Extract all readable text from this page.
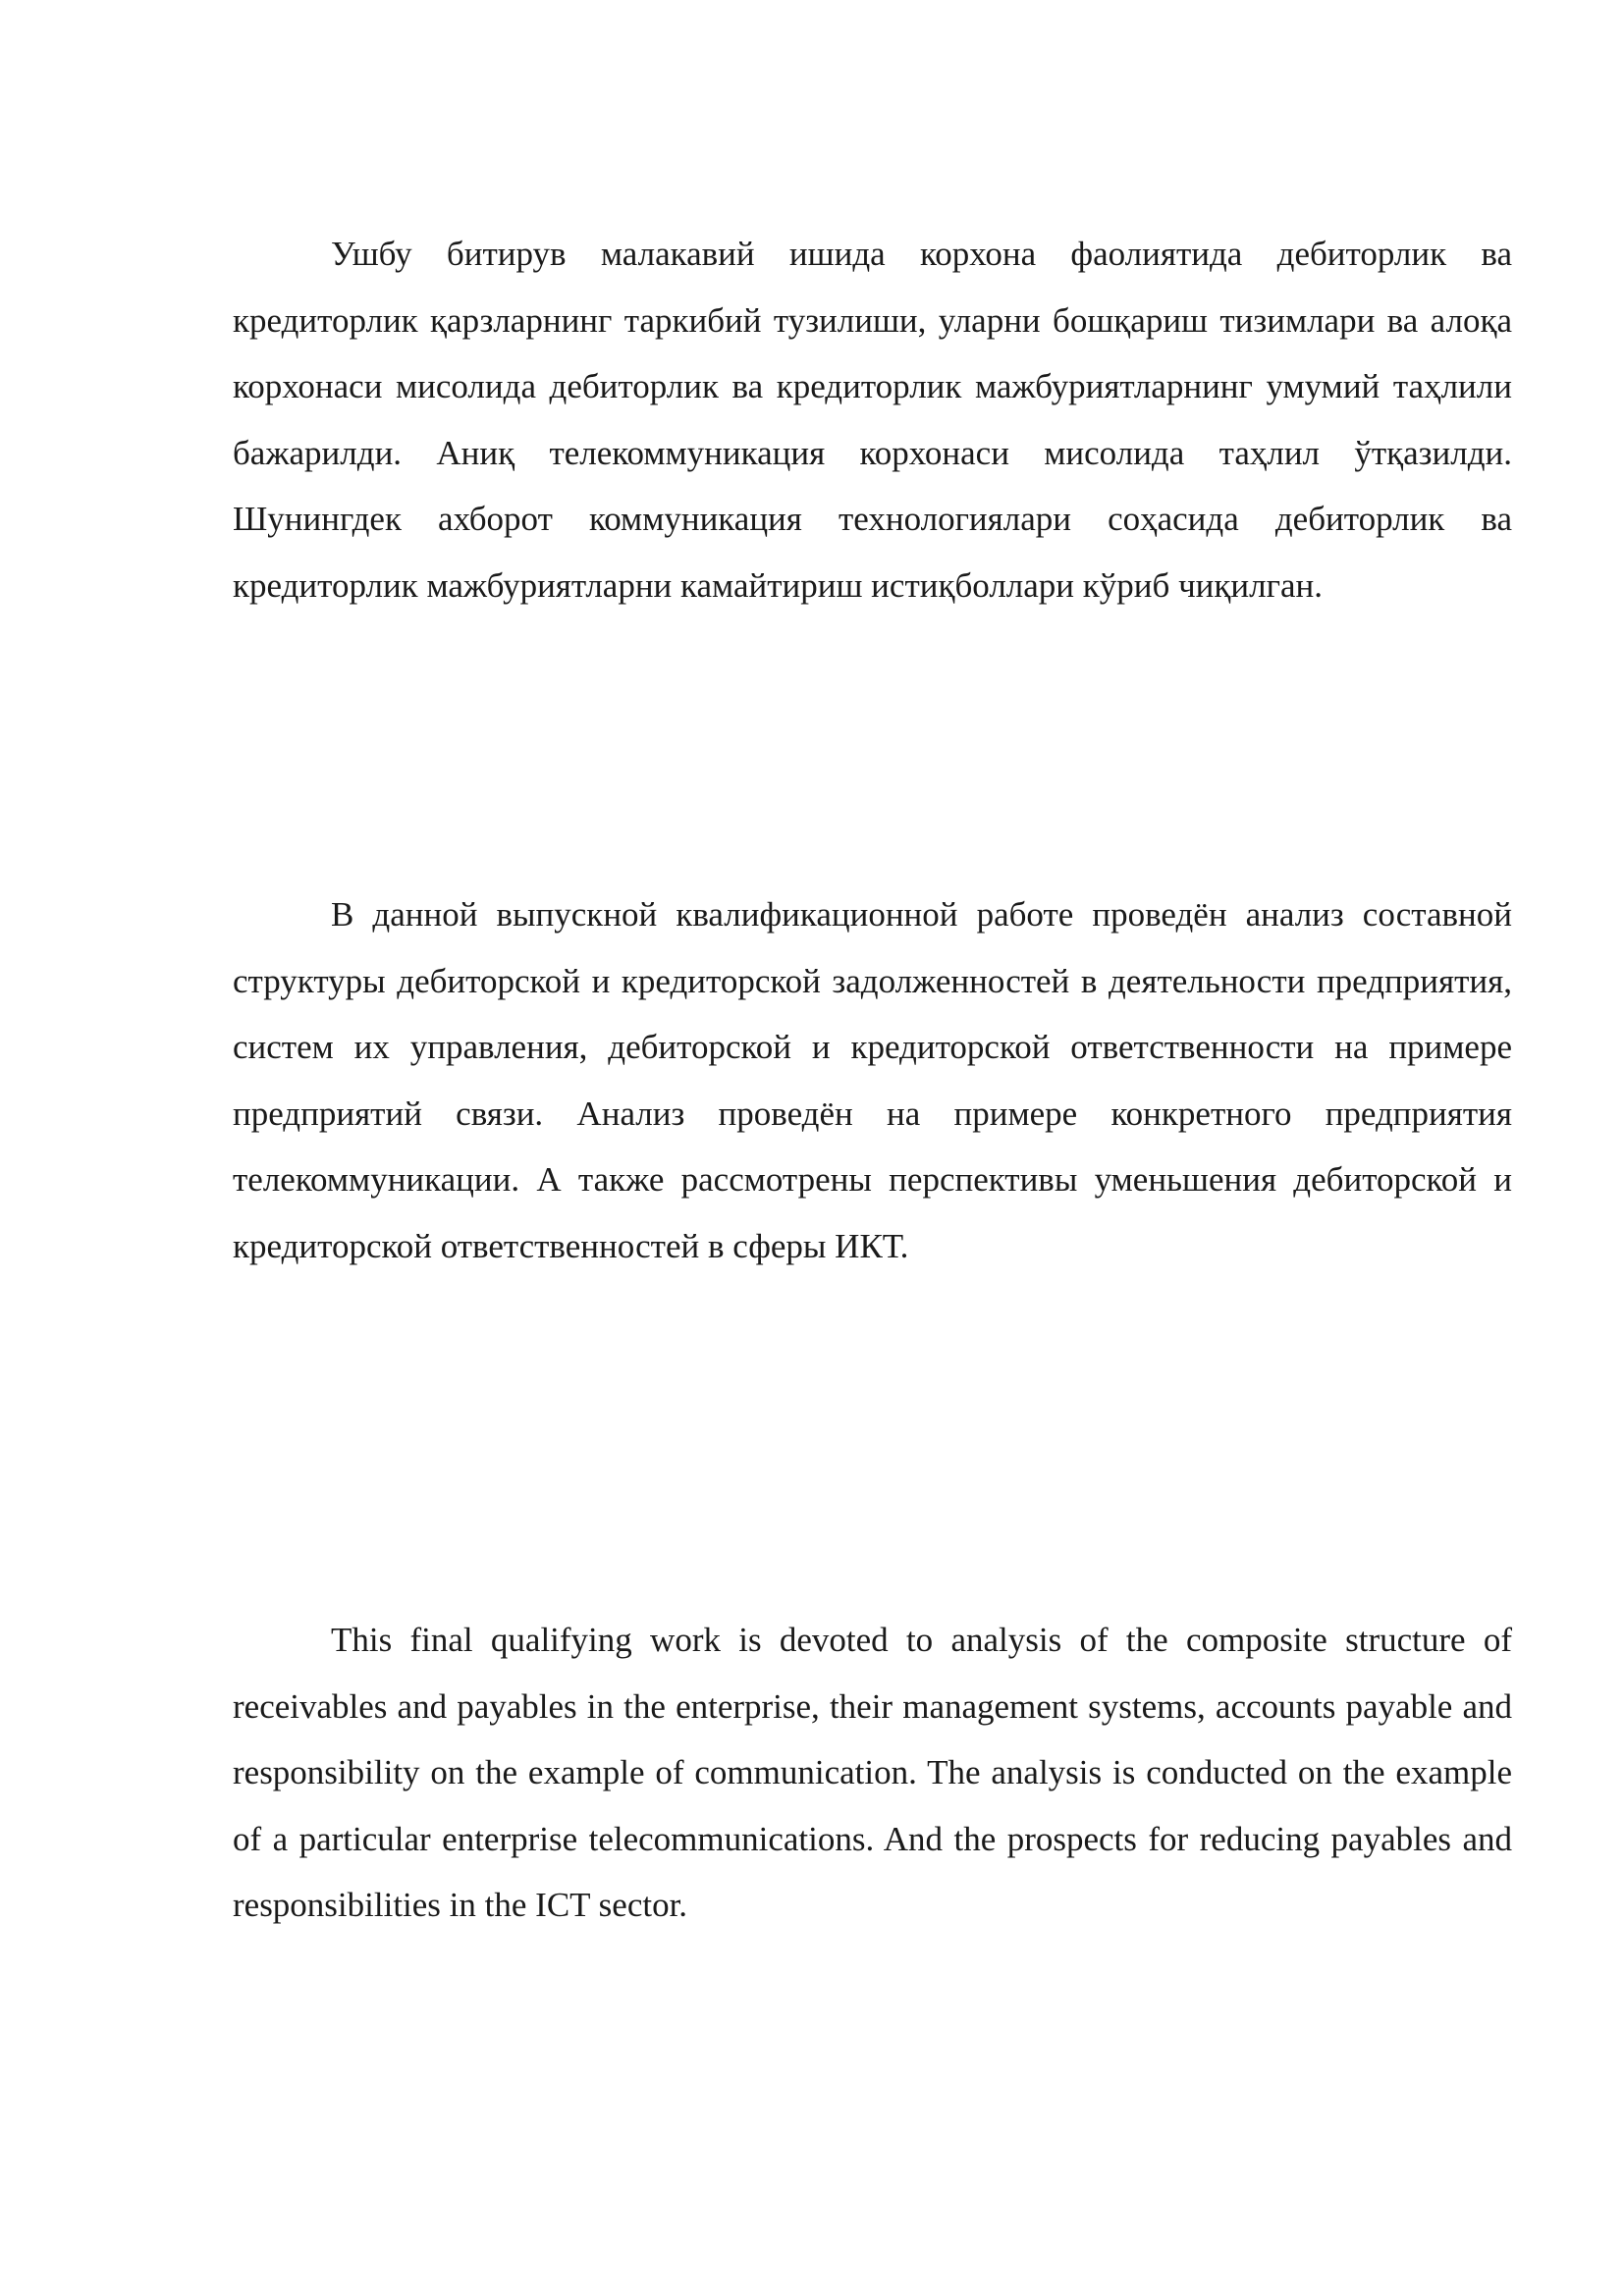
Ушбу битирув малакавий ишида корхона фаолиятида дебиторлик ва кредиторлик қарзларнинг таркибий тузилиши, уларни бошқариш тизимлари ва алоқа корхонаси мисолида дебиторлик ва кредиторлик мажбуриятларнинг умумий таҳлили бажарилди. Аниқ телекоммуникация корхонаси мисолида таҳлил ўтқазилди. Шунингдек ахборот коммуникация технологиялари соҳасида дебиторлик ва кредиторлик мажбуриятларни камайтириш истиқболлари кўриб чиқилган.

В данной выпускной квалификационной работе проведён анализ составной структуры дебиторской и кредиторской задолженностей в деятельности предприятия, систем их управления, дебиторской и кредиторской ответственности на примере предприятий связи. Анализ проведён на примере конкретного предприятия телекоммуникации. А также рассмотрены перспективы уменьшения дебиторской и кредиторской ответственностей в сферы ИКТ.

This final qualifying work is devoted to analysis of the composite structure of receivables and payables in the enterprise, their management systems, accounts payable and responsibility on the example of communication. The analysis is conducted on the example of a particular enterprise telecommunications. And the prospects for reducing payables and responsibilities in the ICT sector.
